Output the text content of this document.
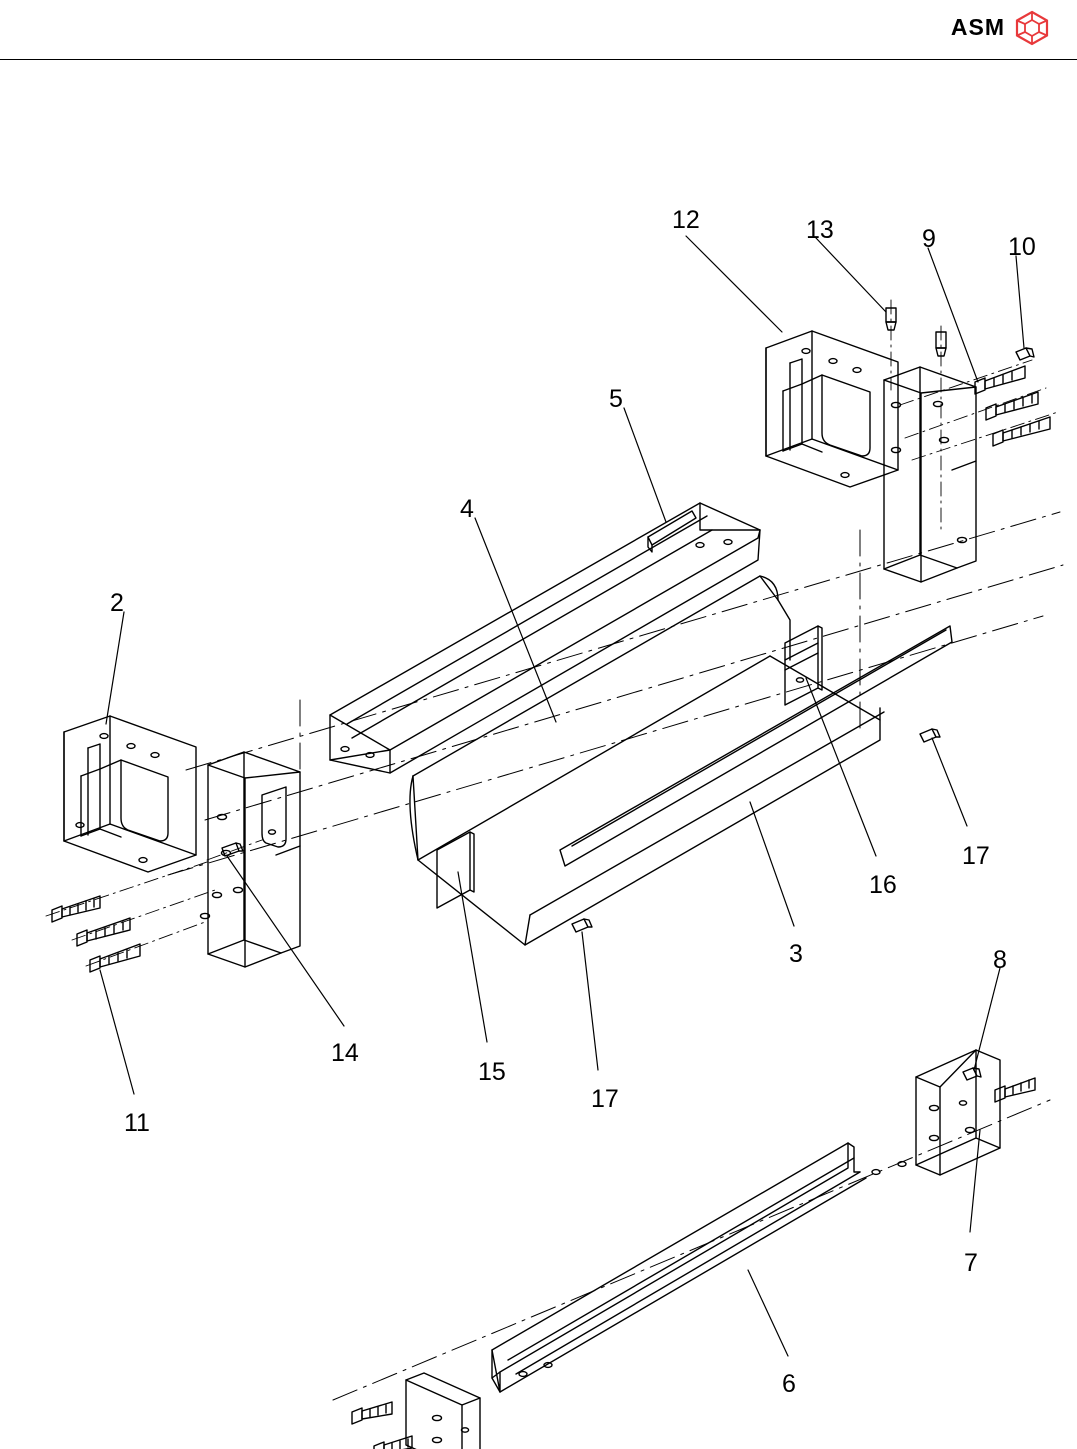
ASM
12	13	9	10
5
4
2
17
16
3
14
15
17
11
8
7
6
